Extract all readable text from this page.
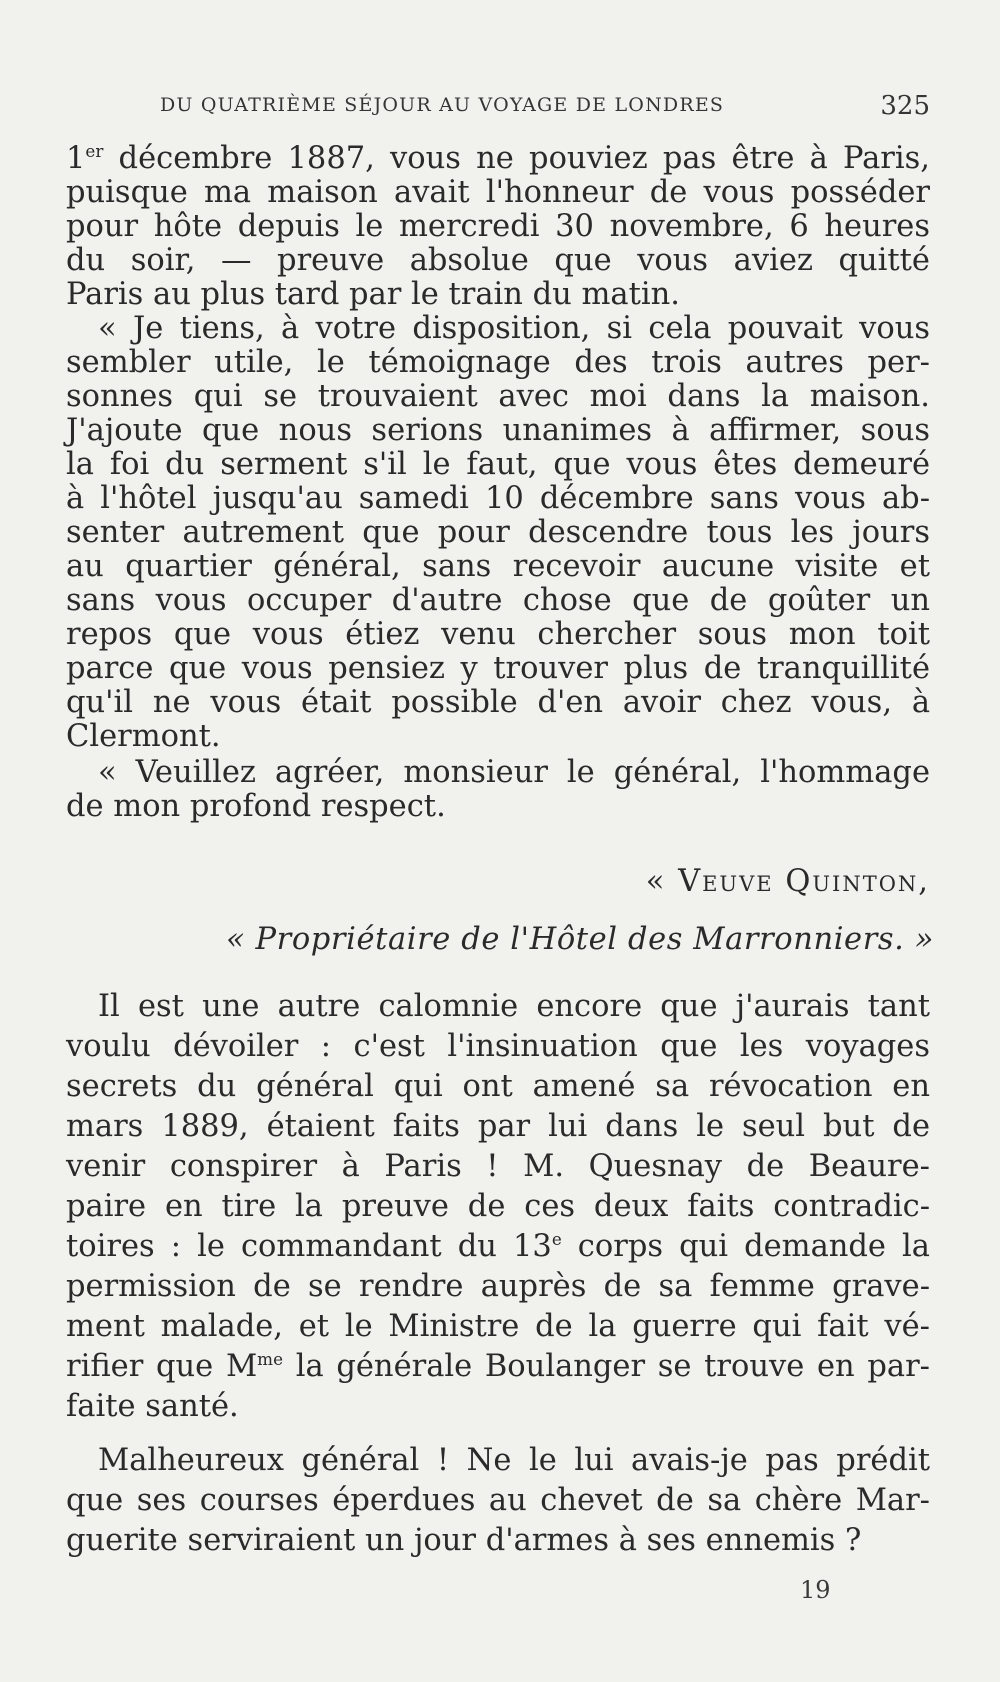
DU QUATRIÈME SÉJOUR AU VOYAGE DE LONDRES	325
1er décembre 1887, vous ne pouviez pas être à Paris,
puisque ma maison avait l'honneur de vous posséder
pour hôte depuis le mercredi 30 novembre, 6 heures
du soir, — preuve absolue que vous aviez quitté
Paris au plus tard par le train du matin.
« Je tiens, à votre disposition, si cela pouvait vous
sembler utile, le témoignage des trois autres per-
sonnes qui se trouvaient avec moi dans la maison.
J'ajoute que nous serions unanimes à affirmer, sous
la foi du serment s'il le faut, que vous êtes demeuré
à l'hôtel jusqu'au samedi 10 décembre sans vous ab-
senter autrement que pour descendre tous les jours
au quartier général, sans recevoir aucune visite et
sans vous occuper d'autre chose que de goûter un
repos que vous étiez venu chercher sous mon toit
parce que vous pensiez y trouver plus de tranquillité
qu'il ne vous était possible d'en avoir chez vous, à
Clermont.
« Veuillez agréer, monsieur le général, l'hommage
de mon profond respect.
« Veuve Quinton,
« Propriétaire de l'Hôtel des Marronniers. »
Il est une autre calomnie encore que j'aurais tant
voulu dévoiler : c'est l'insinuation que les voyages
secrets du général qui ont amené sa révocation en
mars 1889, étaient faits par lui dans le seul but de
venir conspirer à Paris ! M. Quesnay de Beaure-
paire en tire la preuve de ces deux faits contradic-
toires : le commandant du 13e corps qui demande la
permission de se rendre auprès de sa femme grave-
ment malade, et le Ministre de la guerre qui fait vé-
rifier que $M^{me}$ la générale Boulanger se trouve en par-
faite santé.
Malheureux général ! Ne le lui avais-je pas prédit
que ses courses éperdues au chevet de sa chère Mar-
guerite serviraient un jour d'armes à ses ennemis ?
19
